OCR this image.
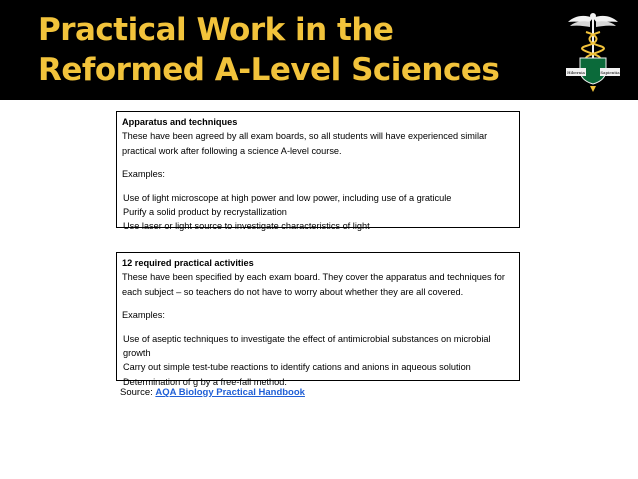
Practical Work in the
Reformed A-Level Sciences	Hibernia	Sapientia

Apparatus and techniques

These have been agreed by all exam boards, so all students will have experienced similar practical work after following a science A-level course.

Examples:

Use of light microscope at high power and low power, including use of a graticule
Purify a solid product by recrystallization
Use laser or light source to investigate characteristics of light

12 required practical activities

These have been specified by each exam board. They cover the apparatus and techniques for each subject – so teachers do not have to worry about whether they are all covered.

Examples:

Use of aseptic techniques to investigate the effect of antimicrobial substances on microbial growth
Carry out simple test-tube reactions to identify cations and anions in aqueous solution
Determination of g by a free-fall method.
Source: AQA Biology Practical Handbook
